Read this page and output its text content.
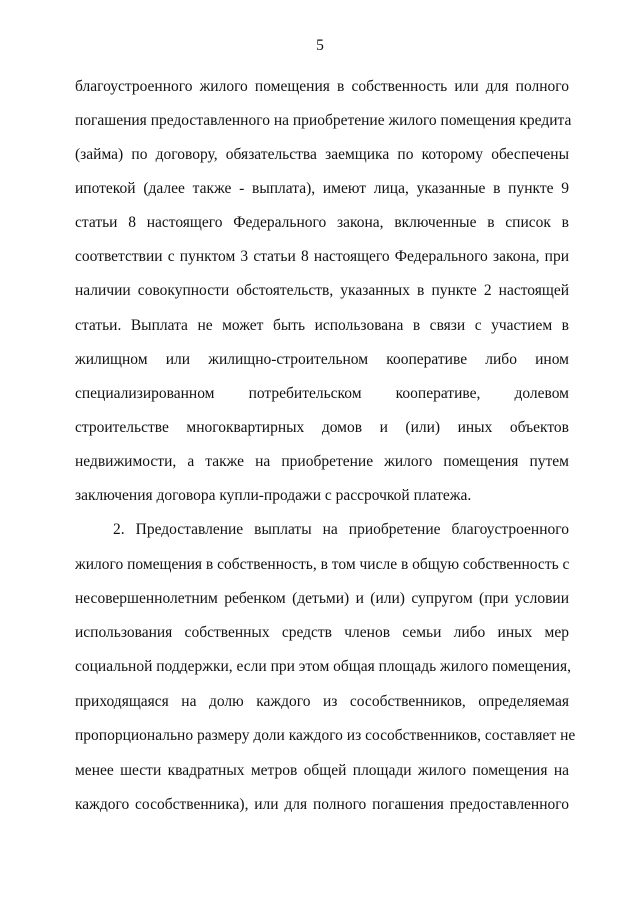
5
благоустроенного жилого помещения в собственность или для полного
погашения предоставленного на приобретение жилого помещения кредита
(займа) по договору, обязательства заемщика по которому обеспечены
ипотекой (далее также - выплата), имеют лица, указанные в пункте 9
статьи 8 настоящего Федерального закона, включенные в список в
соответствии с пунктом 3 статьи 8 настоящего Федерального закона, при
наличии совокупности обстоятельств, указанных в пункте 2 настоящей
статьи. Выплата не может быть использована в связи с участием в
жилищном или жилищно-строительном кооперативе либо ином
специализированном потребительском кооперативе, долевом
строительстве многоквартирных домов и (или) иных объектов
недвижимости, а также на приобретение жилого помещения путем
заключения договора купли-продажи с рассрочкой платежа.
2. Предоставление выплаты на приобретение благоустроенного
жилого помещения в собственность, в том числе в общую собственность с
несовершеннолетним ребенком (детьми) и (или) супругом (при условии
использования собственных средств членов семьи либо иных мер
социальной поддержки, если при этом общая площадь жилого помещения,
приходящаяся на долю каждого из сособственников, определяемая
пропорционально размеру доли каждого из сособственников, составляет не
менее шести квадратных метров общей площади жилого помещения на
каждого сособственника), или для полного погашения предоставленного
